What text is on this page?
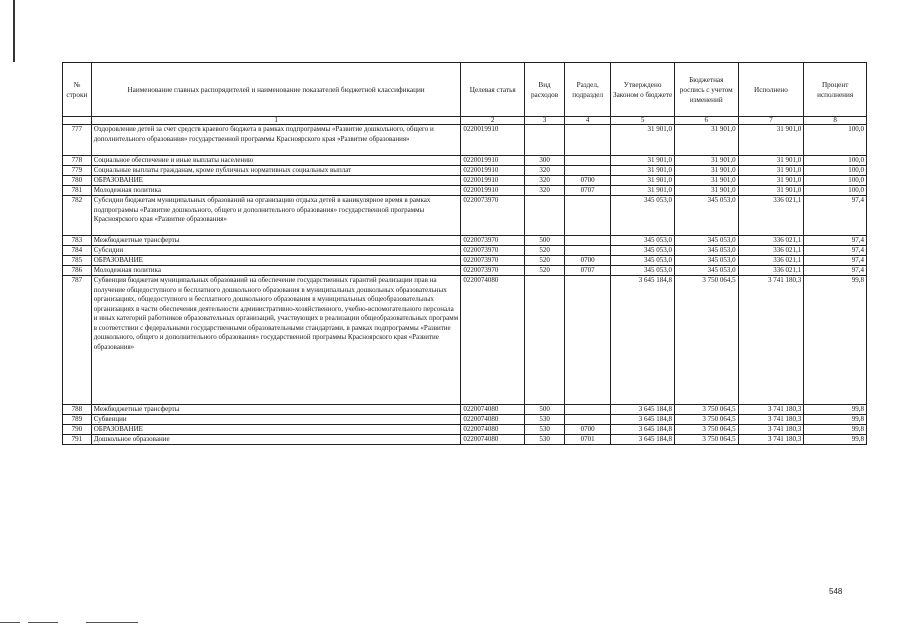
№ строки	Наименование главных распорядителей и наименование показателей бюджетной классификации	Целевая статья	Вид расходов	Раздел, подраздел	Утверждено Законом о бюджете	Бюджетная роспись с учетом изменений	Исполнено	Процент исполнения
	1	2	3	4	5	6	7	8
777	Оздоровление детей за счет средств краевого бюджета в рамках подпрограммы «Развитие дошкольного, общего и дополнительного образования» государственной программы Красноярского края «Развитие образования»	0220019910			31 901,0	31 901,0	31 901,0	100,0
778	Социальное обеспечение и иные выплаты населению	0220019910	300		31 901,0	31 901,0	31 901,0	100,0
779	Социальные выплаты гражданам, кроме публичных нормативных социальных выплат	0220019910	320		31 901,0	31 901,0	31 901,0	100,0
780	ОБРАЗОВАНИЕ	0220019910	320	0700	31 901,0	31 901,0	31 901,0	100,0
781	Молодежная политика	0220019910	320	0707	31 901,0	31 901,0	31 901,0	100,0
782	Субсидии бюджетам муниципальных образований на организацию отдыха детей в каникулярное время в рамках подпрограммы «Развитие дошкольного, общего и дополнительного образования» государственной программы Красноярского края «Развитие образования»	0220073970			345 053,0	345 053,0	336 021,1	97,4
783	Межбюджетные трансферты	0220073970	500		345 053,0	345 053,0	336 021,1	97,4
784	Субсидии	0220073970	520		345 053,0	345 053,0	336 021,1	97,4
785	ОБРАЗОВАНИЕ	0220073970	520	0700	345 053,0	345 053,0	336 021,1	97,4
786	Молодежная политика	0220073970	520	0707	345 053,0	345 053,0	336 021,1	97,4
787	Субвенция бюджетам муниципальных образований на обеспечение государственных гарантий реализации прав на получение общедоступного и бесплатного дошкольного образования в муниципальных дошкольных образовательных организациях, общедоступного и бесплатного дошкольного образования в муниципальных общеобразовательных организациях в части обеспечения деятельности административно-хозяйственного, учебно-вспомогательного персонала и иных категорий работников образовательных организаций, участвующих в реализации общеобразовательных программ в соответствии с федеральными государственными образовательными стандартами, в рамках подпрограммы «Развитие дошкольного, общего и дополнительного образования» государственной программы Красноярского края «Развитие образования»	0220074080			3 645 184,8	3 750 064,5	3 741 180,3	99,8
788	Межбюджетные трансферты	0220074080	500		3 645 184,8	3 750 064,5	3 741 180,3	99,8
789	Субвенции	0220074080	530		3 645 184,8	3 750 064,5	3 741 180,3	99,8
790	ОБРАЗОВАНИЕ	0220074080	530	0700	3 645 184,8	3 750 064,5	3 741 180,3	99,8
791	Дошкольное образование	0220074080	530	0701	3 645 184,8	3 750 064,5	3 741 180,3	99,8
548
